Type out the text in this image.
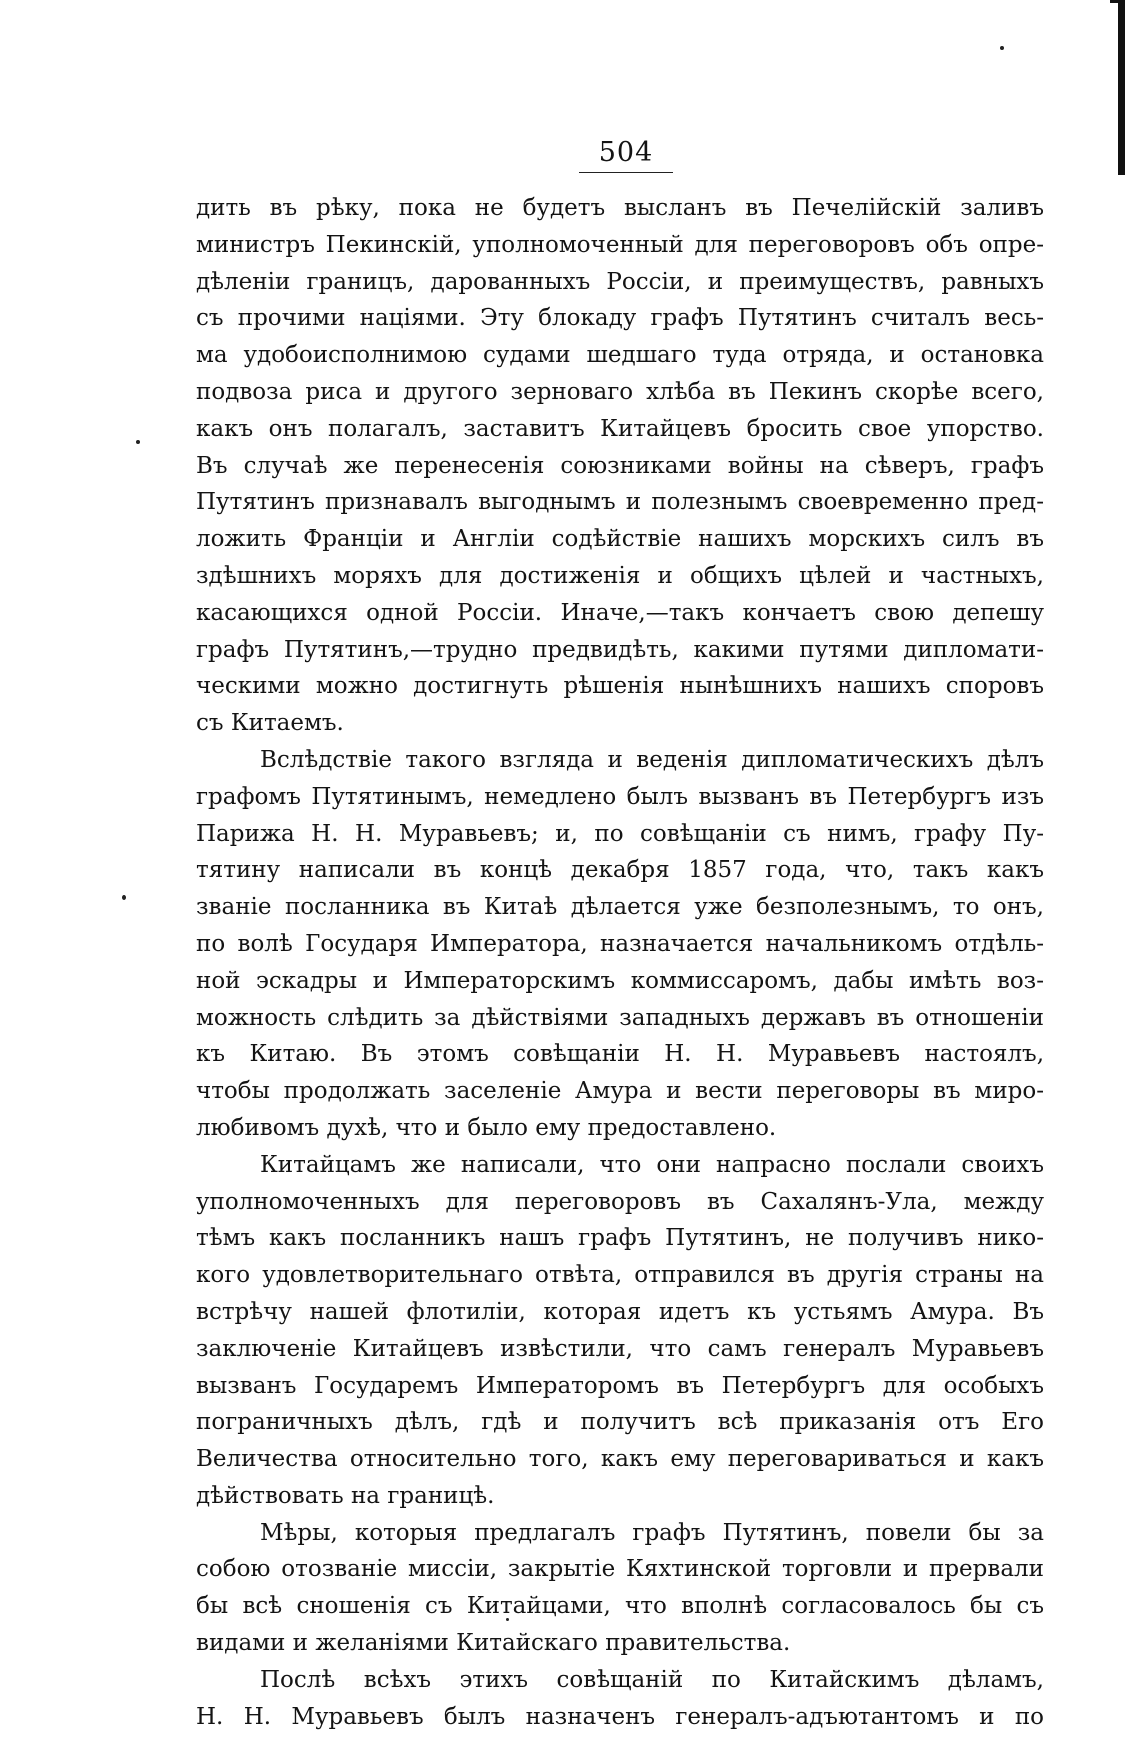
504
дить въ рѣку, пока не будетъ высланъ въ Печелійскій заливъ
министръ Пекинскій, уполномоченный для переговоровъ объ опре-
дѣленіи границъ, дарованныхъ Россіи, и преимуществъ, равныхъ
съ прочими націями. Эту блокаду графъ Путятинъ считалъ весь-
ма удобоисполнимою судами шедшаго туда отряда, и остановка
подвоза риса и другого зерноваго хлѣба въ Пекинъ скорѣе всего,
какъ онъ полагалъ, заставитъ Китайцевъ бросить свое упорство.
Въ случаѣ же перенесенія союзниками войны на сѣверъ, графъ
Путятинъ признавалъ выгоднымъ и полезнымъ своевременно пред-
ложить Франціи и Англіи содѣйствіе нашихъ морскихъ силъ въ
здѣшнихъ моряхъ для достиженія и общихъ цѣлей и частныхъ,
касающихся одной Россіи. Иначе,—такъ кончаетъ свою депешу
графъ Путятинъ,—трудно предвидѣть, какими путями дипломати-
ческими можно достигнуть рѣшенія нынѣшнихъ нашихъ споровъ
съ Китаемъ.
Вслѣдствіе такого взгляда и веденія дипломатическихъ дѣлъ
графомъ Путятинымъ, немедлено былъ вызванъ въ Петербургъ изъ
Парижа Н. Н. Муравьевъ; и, по совѣщаніи съ нимъ, графу Пу-
тятину написали въ концѣ декабря 1857 года, что, такъ какъ
званіе посланника въ Китаѣ дѣлается уже безполезнымъ, то онъ,
по волѣ Государя Императора, назначается начальникомъ отдѣль-
ной эскадры и Императорскимъ коммиссаромъ, дабы имѣть воз-
можность слѣдить за дѣйствіями западныхъ державъ въ отношеніи
къ Китаю. Въ этомъ совѣщаніи Н. Н. Муравьевъ настоялъ,
чтобы продолжать заселеніе Амура и вести переговоры въ миро-
любивомъ духѣ, что и было ему предоставлено.
Китайцамъ же написали, что они напрасно послали своихъ
уполномоченныхъ для переговоровъ въ Сахалянъ-Ула, между
тѣмъ какъ посланникъ нашъ графъ Путятинъ, не получивъ нико-
кого удовлетворительнаго отвѣта, отправился въ другія страны на
встрѣчу нашей флотиліи, которая идетъ къ устьямъ Амура. Въ
заключеніе Китайцевъ извѣстили, что самъ генералъ Муравьевъ
вызванъ Государемъ Императоромъ въ Петербургъ для особыхъ
пограничныхъ дѣлъ, гдѣ и получитъ всѣ приказанія отъ Его
Величества относительно того, какъ ему переговариваться и какъ
дѣйствовать на границѣ.
Мѣры, которыя предлагалъ графъ Путятинъ, повели бы за
собою отозваніе миссіи, закрытіе Кяхтинской торговли и прервали
бы всѣ сношенія съ Китайцами, что вполнѣ согласовалось бы съ
видами и желаніями Китайскаго правительства.
Послѣ всѣхъ этихъ совѣщаній по Китайскимъ дѣламъ,
Н. Н. Муравьевъ былъ назначенъ генералъ-адъютантомъ и по
